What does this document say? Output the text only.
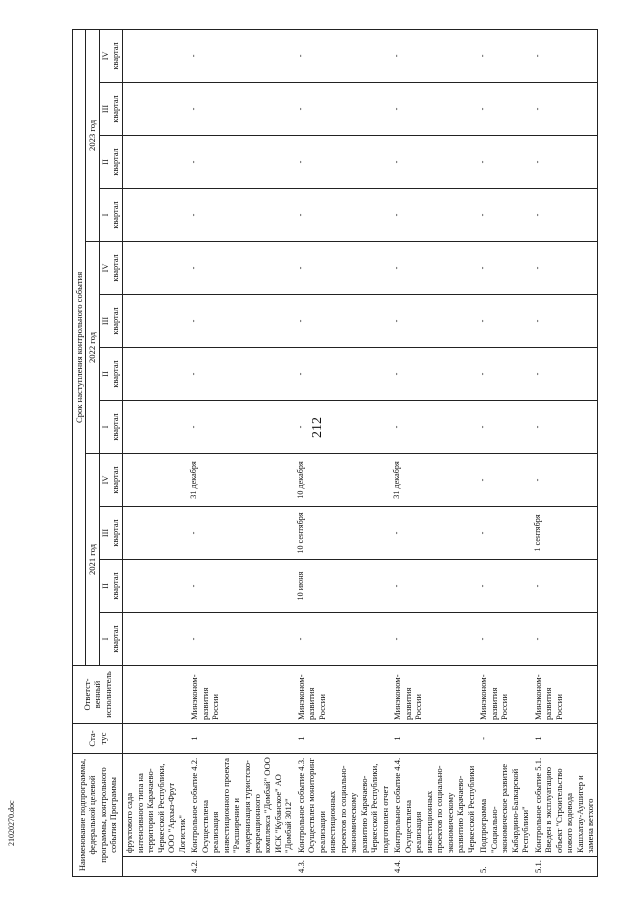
212
21020270.doc	Наименование подпрограммы, федеральной целевой программы, контрольного события Программы		Ста-тус	Ответст-венный исполнитель	Срок наступления контрольного события											
				2021 год				2022 год				2023 год			
				I
квартал	II
квартал	III
квартал	IV
квартал	I
квартал	II
квартал	III
квартал	IV
квартал	I
квартал	II
квартал	III
квартал	IV
квартал
	фруктового сада интенсивного типа на территории Карачаево-Черкесской Республики, ООО "Архыз-Фрут Логистик"														
4.2.	Контрольное событие 4.2. Осуществлена реализация инвестиционного проекта "Расширение и модернизация туристско-рекреационного комплекса "Домбай" ООО ИСК "Кубанское" АО "Домбай 3012"	1	Минэконом-развития России	-	-	-	31 декабря	-	-	-	-	-	-	-	-
4.3.	Контрольное событие 4.3. Осуществлен мониторинг реализации инвестиционных проектов по социально-экономическому развитию Карачаево-Черкесской Республики, подготовлен отчет	1	Минэконом-развития России	-	10 июня	10 сентября	10 декабря	-	-	-	-	-	-	-	-
4.4.	Контрольное событие 4.4. Осуществлена реализация инвестиционных проектов по социально-экономическому развитию Карачаево-Черкесской Республики	1	Минэконом-развития России	-	-	-	31 декабря	-	-	-	-	-	-	-	-
5.	Подпрограмма "Социально-экономическое развитие Кабардино-Балкарской Республики"	-	Минэконом-развития России	-	-	-	-	-	-	-	-	-	-	-	-
5.1.	Контрольное событие 5.1. Введен в эксплуатацию объект "Строительство нового водовода Кашхатау-Аушигер и замена ветхого	1	Минэконом-развития России	-	-	1 сентября	-	-	-	-	-	-	-	-	-
